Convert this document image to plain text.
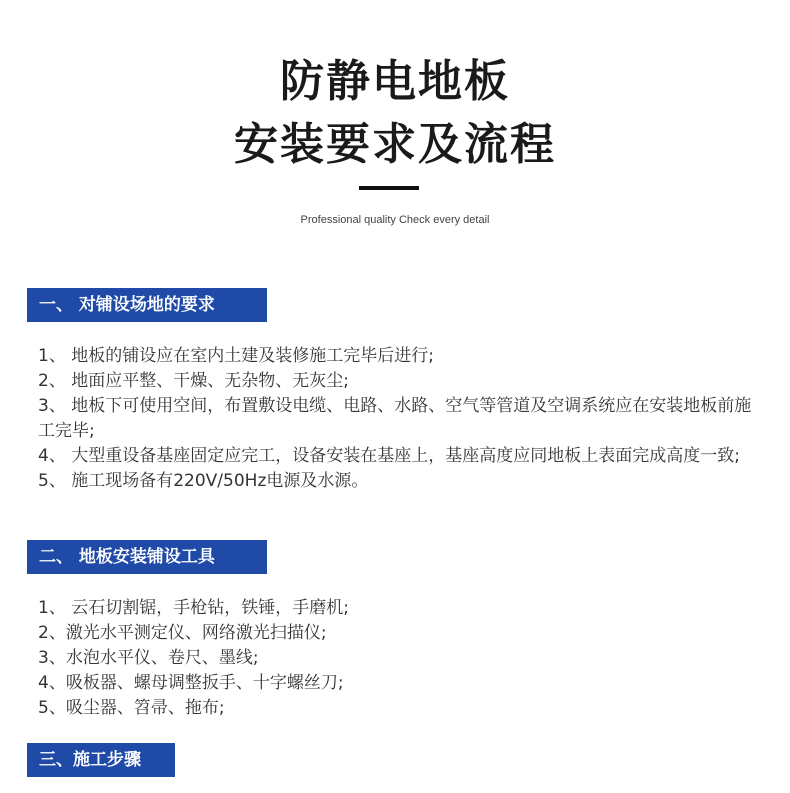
防静电地板
安装要求及流程
Professional quality Check every detail
一、 对铺设场地的要求
1、 地板的铺设应在室内土建及装修施工完毕后进行;
2、 地面应平整、干燥、无杂物、无灰尘;
3、 地板下可使用空间，布置敷设电缆、电路、水路、空气等管道及空调系统应在安装地板前施工完毕;
4、 大型重设备基座固定应完工，设备安装在基座上，基座高度应同地板上表面完成高度一致;
5、 施工现场备有220V/50Hz电源及水源。
二、 地板安装铺设工具
1、 云石切割锯，手枪钻，铁锤，手磨机;
2、激光水平测定仪、网络激光扫描仪;
3、水泡水平仪、卷尺、墨线;
4、吸板器、螺母调整扳手、十字螺丝刀;
5、吸尘器、笤帚、拖布;
三、施工步骤
